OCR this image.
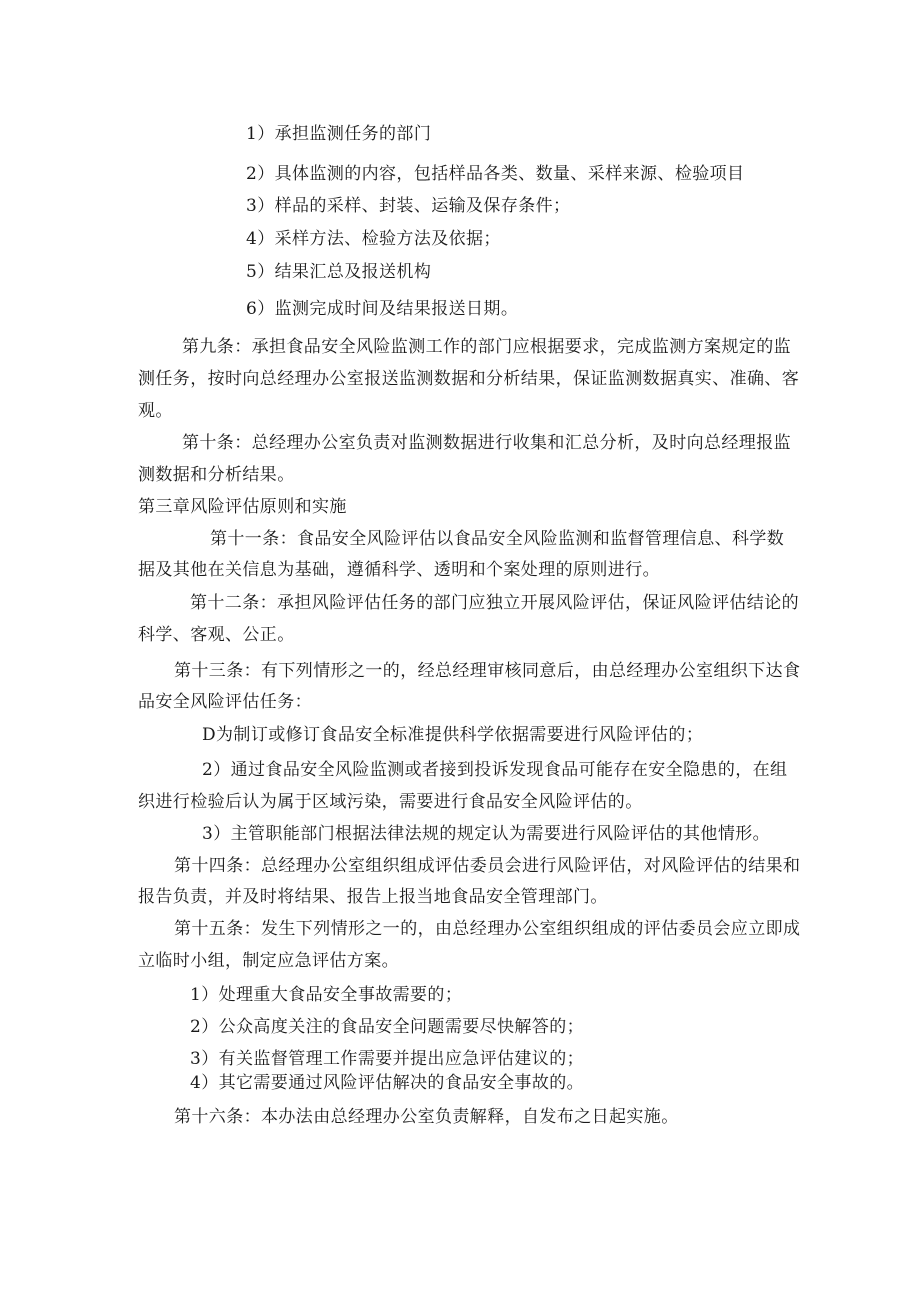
1）承担监测任务的部门
2）具体监测的内容，包括样品各类、数量、采样来源、检验项目
3）样品的采样、封装、运输及保存条件；
4）采样方法、检验方法及依据；
5）结果汇总及报送机构
6）监测完成时间及结果报送日期。
第九条：承担食品安全风险监测工作的部门应根据要求，完成监测方案规定的监
测任务，按时向总经理办公室报送监测数据和分析结果，保证监测数据真实、准确、客
观。
第十条：总经理办公室负责对监测数据进行收集和汇总分析，及时向总经理报监
测数据和分析结果。
第三章风险评估原则和实施
第十一条：食品安全风险评估以食品安全风险监测和监督管理信息、科学数
据及其他在关信息为基础，遵循科学、透明和个案处理的原则进行。
第十二条：承担风险评估任务的部门应独立开展风险评估，保证风险评估结论的
科学、客观、公正。
第十三条：有下列情形之一的，经总经理审核同意后，由总经理办公室组织下达食
品安全风险评估任务：
D为制订或修订食品安全标准提供科学依据需要进行风险评估的；
2）通过食品安全风险监测或者接到投诉发现食品可能存在安全隐患的，在组
织进行检验后认为属于区域污染，需要进行食品安全风险评估的。
3）主管职能部门根据法律法规的规定认为需要进行风险评估的其他情形。
第十四条：总经理办公室组织组成评估委员会进行风险评估，对风险评估的结果和
报告负责，并及时将结果、报告上报当地食品安全管理部门。
第十五条：发生下列情形之一的，由总经理办公室组织组成的评估委员会应立即成
立临时小组，制定应急评估方案。
1）处理重大食品安全事故需要的；
2）公众高度关注的食品安全问题需要尽快解答的；
3）有关监督管理工作需要并提出应急评估建议的；
4）其它需要通过风险评估解决的食品安全事故的。
第十六条：本办法由总经理办公室负责解释，自发布之日起实施。
